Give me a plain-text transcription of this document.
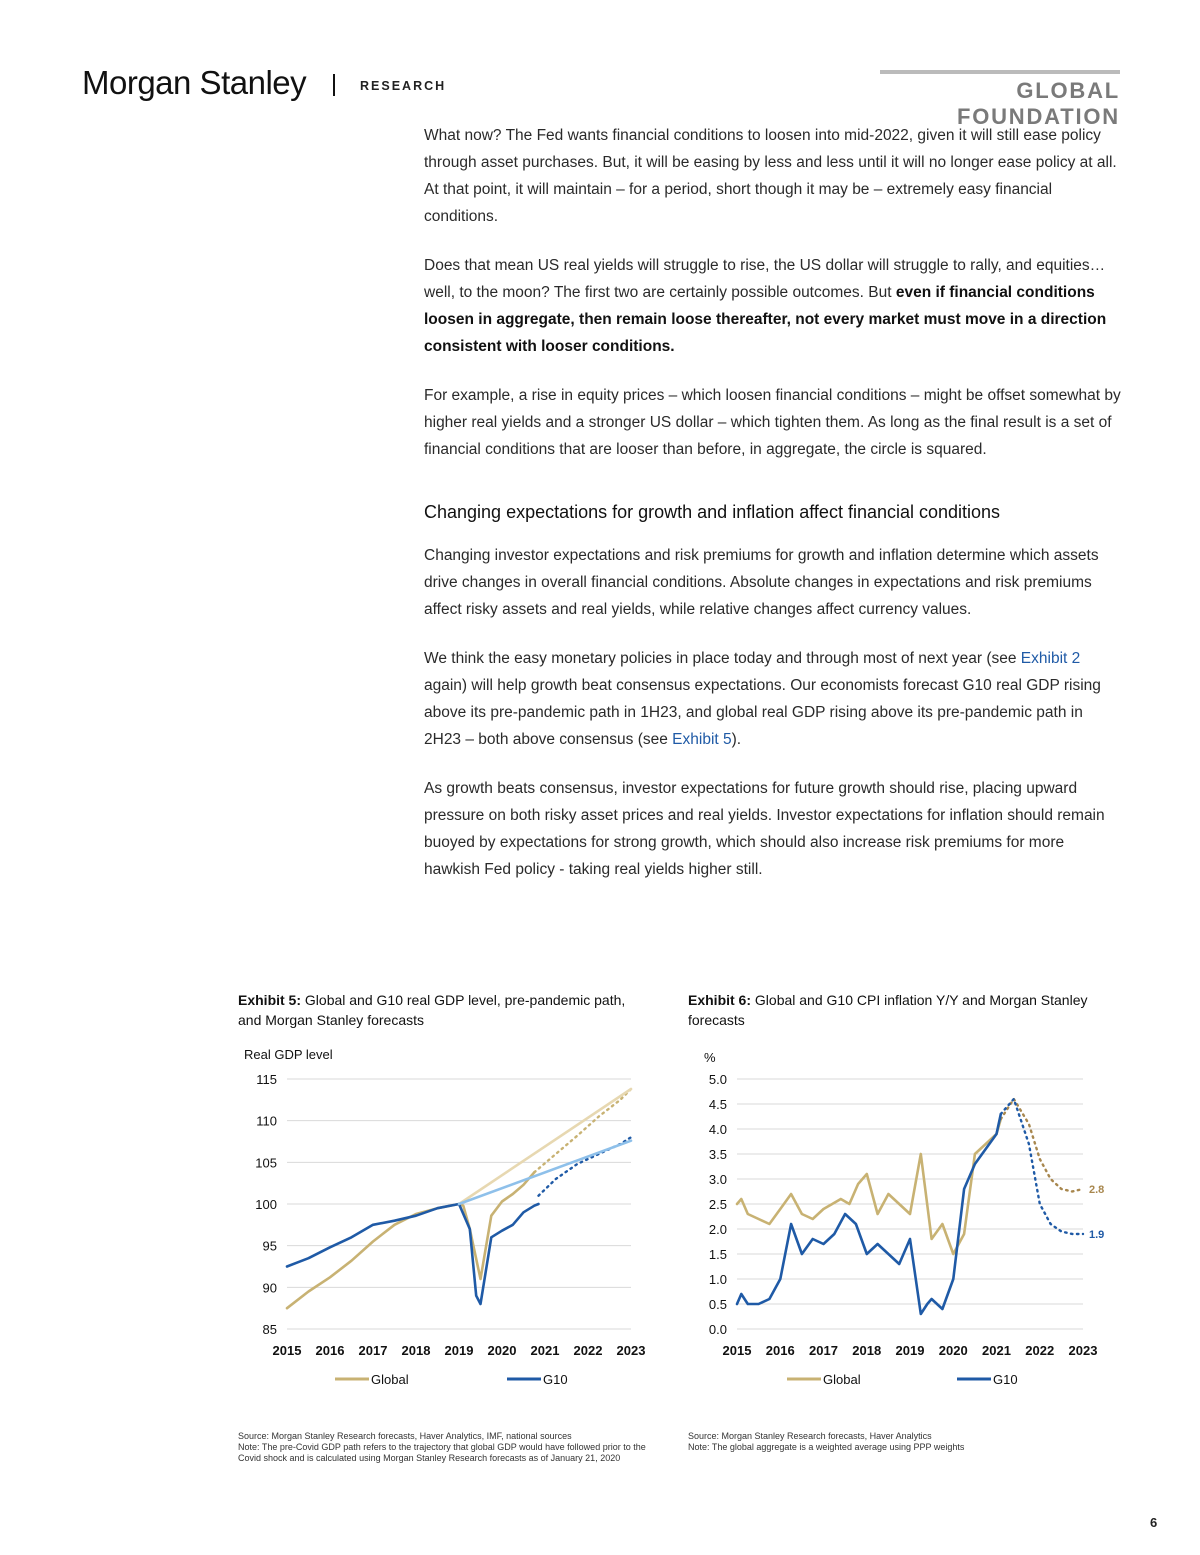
Morgan Stanley	RESEARCH	GLOBAL FOUNDATION

What now? The Fed wants financial conditions to loosen into mid-2022, given it will still ease policy through asset purchases. But, it will be easing by less and less until it will no longer ease policy at all. At that point, it will maintain – for a period, short though it may be – extremely easy financial conditions.

Does that mean US real yields will struggle to rise, the US dollar will struggle to rally, and equities… well, to the moon? The first two are certainly possible outcomes. But even if financial conditions loosen in aggregate, then remain loose thereafter, not every market must move in a direction consistent with looser conditions.

For example, a rise in equity prices – which loosen financial conditions – might be offset somewhat by higher real yields and a stronger US dollar – which tighten them. As long as the final result is a set of financial conditions that are looser than before, in aggregate, the circle is squared.

Changing expectations for growth and inflation affect financial conditions

Changing investor expectations and risk premiums for growth and inflation determine which assets drive changes in overall financial conditions. Absolute changes in expectations and risk premiums affect risky assets and real yields, while relative changes affect currency values.

We think the easy monetary policies in place today and through most of next year (see Exhibit 2 again) will help growth beat consensus expectations. Our economists forecast G10 real GDP rising above its pre-pandemic path in 1H23, and global real GDP rising above its pre-pandemic path in 2H23 – both above consensus (see Exhibit 5).

As growth beats consensus, investor expectations for future growth should rise, placing upward pressure on both risky asset prices and real yields. Investor expectations for inflation should remain buoyed by expectations for strong growth, which should also increase risk premiums for more hawkish Fed policy - taking real yields higher still.

Exhibit 5: Global and G10 real GDP level, pre-pandemic path, and Morgan Stanley forecasts
Real GDP level
85
90
95
100
105
110
115
2015 2016 2017 2018 2019 2020 2021 2022 2023
Global	G10
Source: Morgan Stanley Research forecasts, Haver Analytics, IMF, national sources
Note: The pre-Covid GDP path refers to the trajectory that global GDP would have followed prior to the Covid shock and is calculated using Morgan Stanley Research forecasts as of January 21, 2020
Exhibit 6: Global and G10 CPI inflation Y/Y and Morgan Stanley forecasts
%
0.0
0.5
1.0
1.5
2.0
2.5
3.0
3.5
4.0
4.5
5.0
2015 2016 2017 2018 2019 2020 2021 2022 2023
2.8
1.9
Global	G10
Source: Morgan Stanley Research forecasts, Haver Analytics
Note: The global aggregate is a weighted average using PPP weights
6
